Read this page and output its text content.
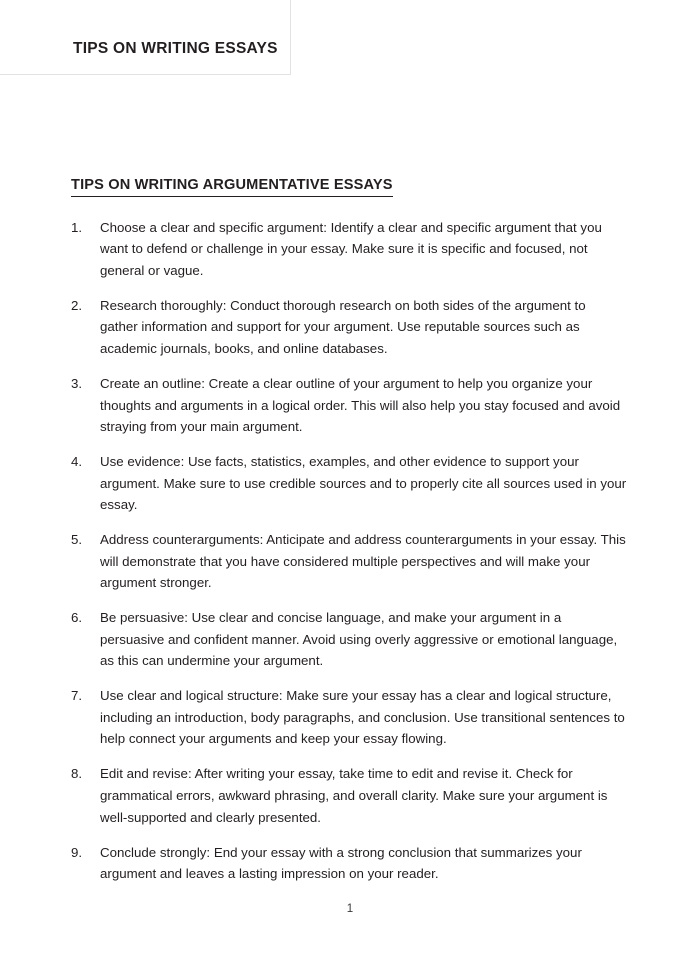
TIPS ON WRITING ESSAYS
TIPS ON WRITING ARGUMENTATIVE ESSAYS
1.	Choose a clear and specific argument: Identify a clear and specific argument that you want to defend or challenge in your essay. Make sure it is specific and focused, not general or vague.
2.	Research thoroughly: Conduct thorough research on both sides of the argument to gather information and support for your argument. Use reputable sources such as academic journals, books, and online databases.
3.	Create an outline: Create a clear outline of your argument to help you organize your thoughts and arguments in a logical order. This will also help you stay focused and avoid straying from your main argument.
4.	Use evidence: Use facts, statistics, examples, and other evidence to support your argument. Make sure to use credible sources and to properly cite all sources used in your essay.
5.	Address counterarguments: Anticipate and address counterarguments in your essay. This will demonstrate that you have considered multiple perspectives and will make your argument stronger.
6.	Be persuasive: Use clear and concise language, and make your argument in a persuasive and confident manner. Avoid using overly aggressive or emotional language, as this can undermine your argument.
7.	Use clear and logical structure: Make sure your essay has a clear and logical structure, including an introduction, body paragraphs, and conclusion. Use transitional sentences to help connect your arguments and keep your essay flowing.
8.	Edit and revise: After writing your essay, take time to edit and revise it. Check for grammatical errors, awkward phrasing, and overall clarity. Make sure your argument is well-supported and clearly presented.
9.	Conclude strongly: End your essay with a strong conclusion that summarizes your argument and leaves a lasting impression on your reader.
1
